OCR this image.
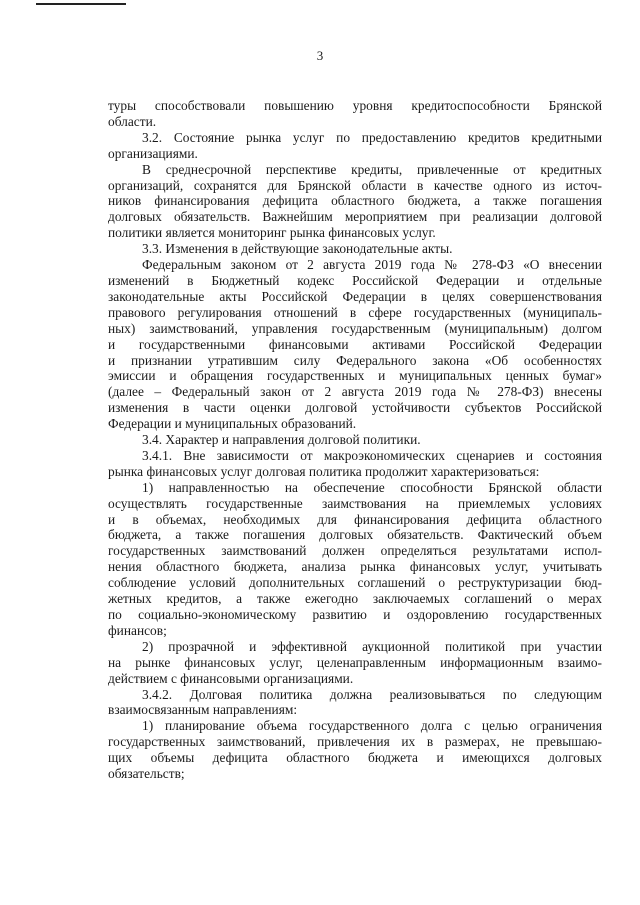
3
туры способствовали повышению уровня кредитоспособности Брянской
области.
3.2. Состояние рынка услуг по предоставлению кредитов кредитными
организациями.
В среднесрочной перспективе кредиты, привлеченные от кредитных
организаций, сохранятся для Брянской области в качестве одного из источ-
ников финансирования дефицита областного бюджета, а также погашения
долговых обязательств. Важнейшим мероприятием при реализации долговой
политики является мониторинг рынка финансовых услуг.
3.3. Изменения в действующие законодательные акты.
Федеральным законом от 2 августа 2019 года № 278-ФЗ «О внесении
изменений в Бюджетный кодекс Российской Федерации и отдельные
законодательные акты Российской Федерации в целях совершенствования
правового регулирования отношений в сфере государственных (муниципаль-
ных) заимствований, управления государственным (муниципальным) долгом
и государственными финансовыми активами Российской Федерации
и признании утратившим силу Федерального закона «Об особенностях
эмиссии и обращения государственных и муниципальных ценных бумаг»
(далее – Федеральный закон от 2 августа 2019 года № 278-ФЗ) внесены
изменения в части оценки долговой устойчивости субъектов Российской
Федерации и муниципальных образований.
3.4. Характер и направления долговой политики.
3.4.1. Вне зависимости от макроэкономических сценариев и состояния
рынка финансовых услуг долговая политика продолжит характеризоваться:
1) направленностью на обеспечение способности Брянской области
осуществлять государственные заимствования на приемлемых условиях
и в объемах, необходимых для финансирования дефицита областного
бюджета, а также погашения долговых обязательств. Фактический объем
государственных заимствований должен определяться результатами испол-
нения областного бюджета, анализа рынка финансовых услуг, учитывать
соблюдение условий дополнительных соглашений о реструктуризации бюд-
жетных кредитов, а также ежегодно заключаемых соглашений о мерах
по социально-экономическому развитию и оздоровлению государственных
финансов;
2) прозрачной и эффективной аукционной политикой при участии
на рынке финансовых услуг, целенаправленным информационным взаимо-
действием с финансовыми организациями.
3.4.2. Долговая политика должна реализовываться по следующим
взаимосвязанным направлениям:
1) планирование объема государственного долга с целью ограничения
государственных заимствований, привлечения их в размерах, не превышаю-
щих объемы дефицита областного бюджета и имеющихся долговых
обязательств;
